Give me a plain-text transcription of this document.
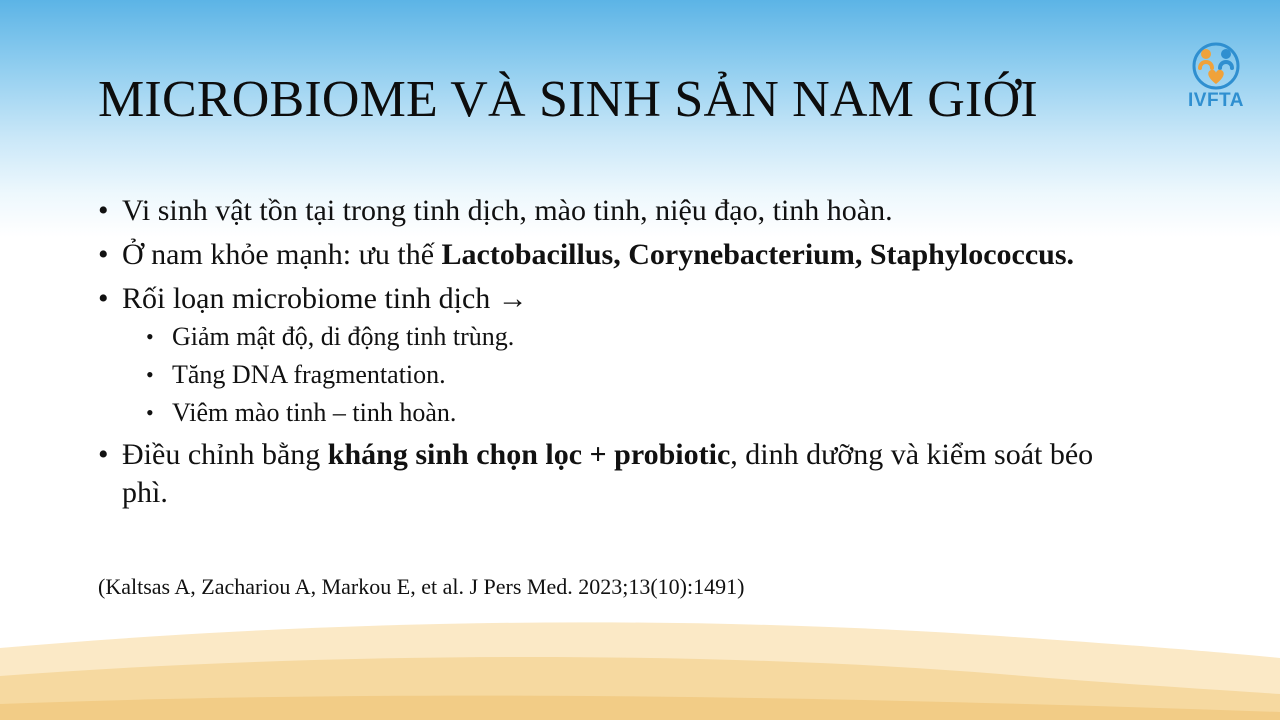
MICROBIOME VÀ SINH SẢN NAM GIỚI	IVFTA
• Vi sinh vật tồn tại trong tinh dịch, mào tinh, niệu đạo, tinh hoàn.
• Ở nam khỏe mạnh: ưu thế Lactobacillus, Corynebacterium, Staphylococcus.
• Rối loạn microbiome tinh dịch →
• Giảm mật độ, di động tinh trùng.
• Tăng DNA fragmentation.
• Viêm mào tinh – tinh hoàn.
• Điều chỉnh bằng kháng sinh chọn lọc + probiotic, dinh dưỡng và kiểm soát béo phì.
(Kaltsas A, Zachariou A, Markou E, et al. J Pers Med. 2023;13(10):1491)
